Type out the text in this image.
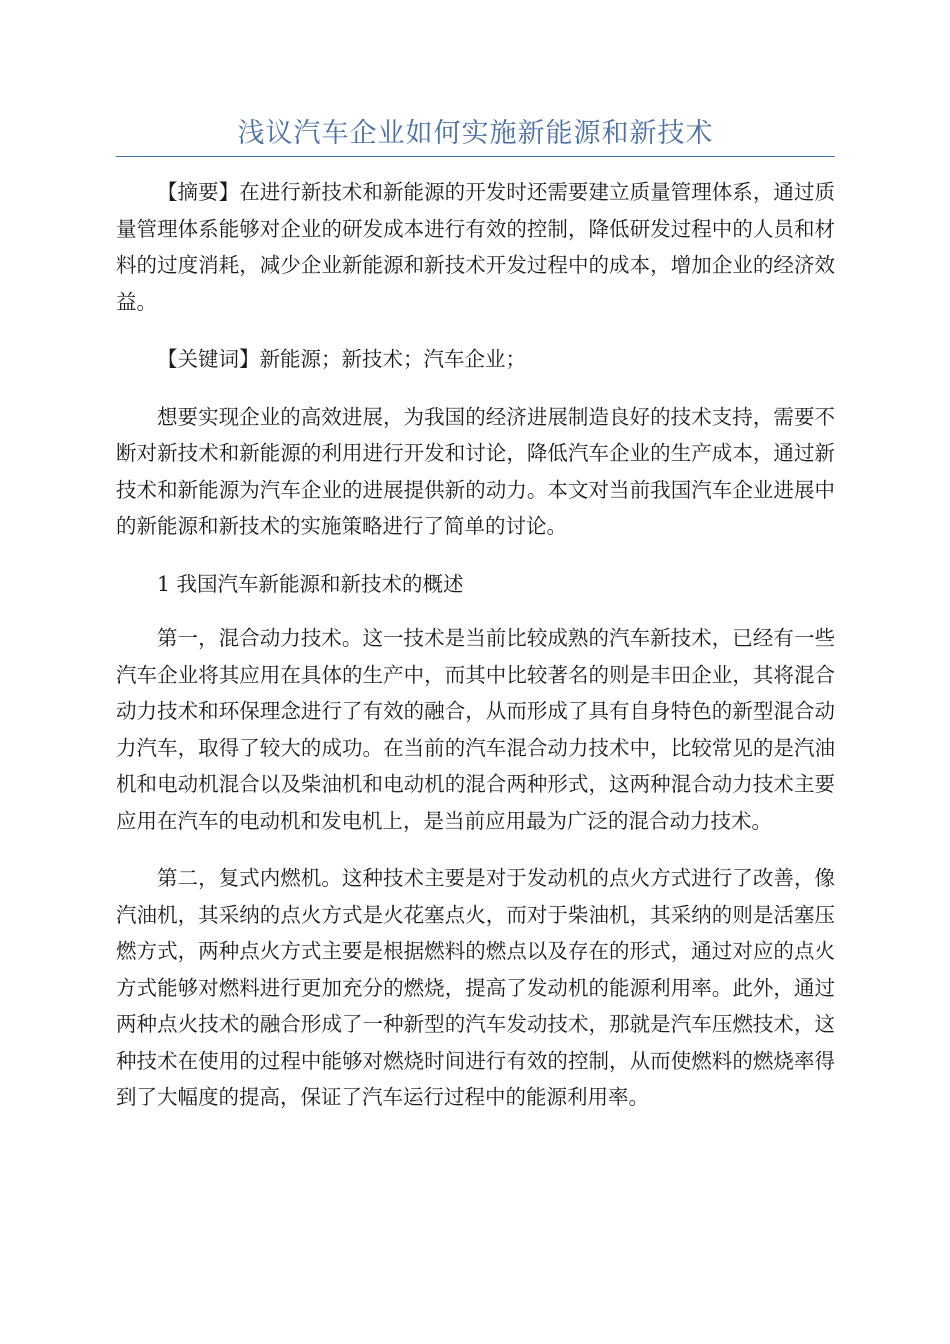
浅议汽车企业如何实施新能源和新技术

【摘要】在进行新技术和新能源的开发时还需要建立质量管理体系，通过质量管理体系能够对企业的研发成本进行有效的控制，降低研发过程中的人员和材料的过度消耗，减少企业新能源和新技术开发过程中的成本，增加企业的经济效益。

【关键词】新能源；新技术；汽车企业；

想要实现企业的高效进展，为我国的经济进展制造良好的技术支持，需要不断对新技术和新能源的利用进行开发和讨论，降低汽车企业的生产成本，通过新技术和新能源为汽车企业的进展提供新的动力。本文对当前我国汽车企业进展中的新能源和新技术的实施策略进行了简单的讨论。

1 我国汽车新能源和新技术的概述

第一，混合动力技术。这一技术是当前比较成熟的汽车新技术，已经有一些汽车企业将其应用在具体的生产中，而其中比较著名的则是丰田企业，其将混合动力技术和环保理念进行了有效的融合，从而形成了具有自身特色的新型混合动力汽车，取得了较大的成功。在当前的汽车混合动力技术中，比较常见的是汽油机和电动机混合以及柴油机和电动机的混合两种形式，这两种混合动力技术主要应用在汽车的电动机和发电机上，是当前应用最为广泛的混合动力技术。

第二，复式内燃机。这种技术主要是对于发动机的点火方式进行了改善，像汽油机，其采纳的点火方式是火花塞点火，而对于柴油机，其采纳的则是活塞压燃方式，两种点火方式主要是根据燃料的燃点以及存在的形式，通过对应的点火方式能够对燃料进行更加充分的燃烧，提高了发动机的能源利用率。此外，通过两种点火技术的融合形成了一种新型的汽车发动技术，那就是汽车压燃技术，这种技术在使用的过程中能够对燃烧时间进行有效的控制，从而使燃料的燃烧率得到了大幅度的提高，保证了汽车运行过程中的能源利用率。
